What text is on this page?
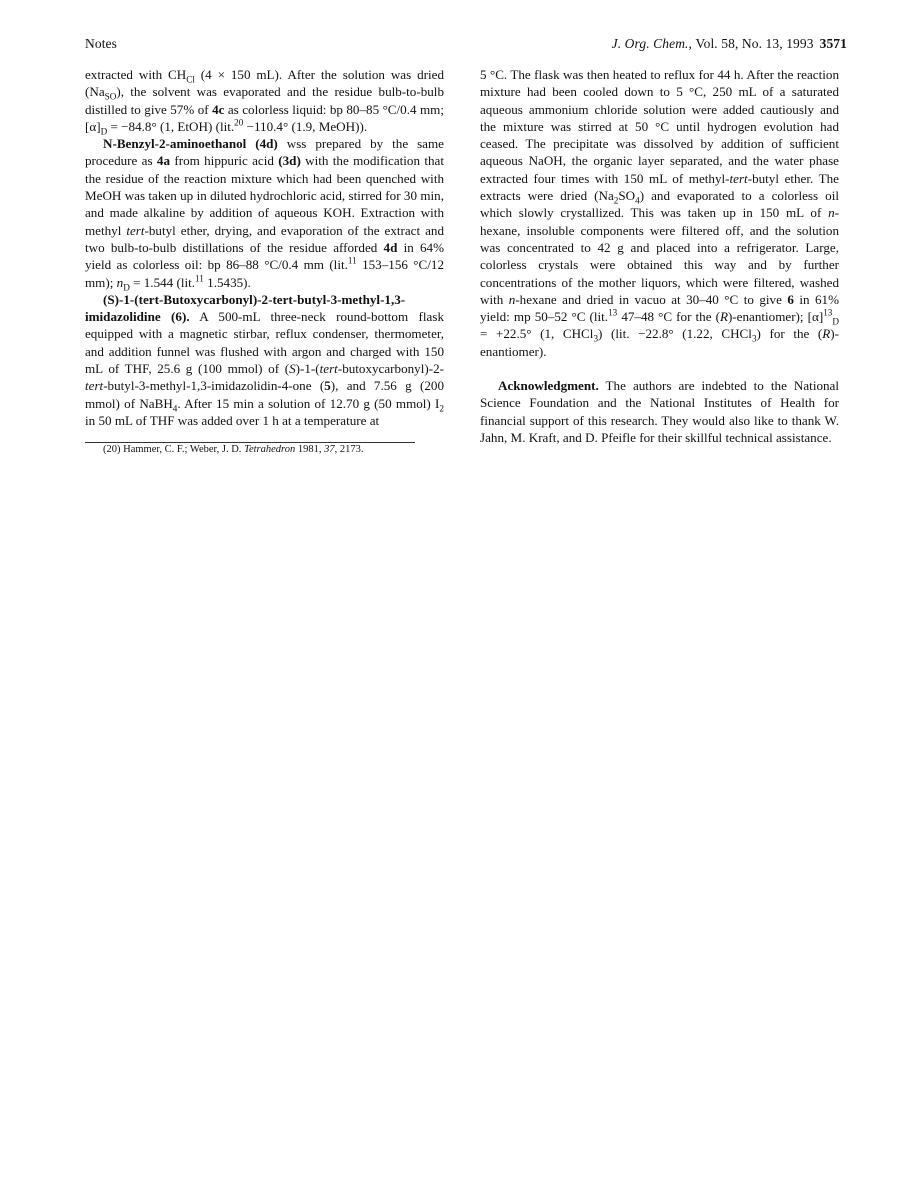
Notes	J. Org. Chem., Vol. 58, No. 13, 1993 3571

extracted with $CH_{Cl}$ (4 × 150 mL). After the solution was dried $(Na_{SO})$, the solvent was evaporated and the residue bulb-to-bulb distilled to give 57% of 4c as colorless liquid: bp 80–85 °C/0.4 mm; $[\alpha]_D = -84.8^\circ$ (1, EtOH) (lit.$^{20}$ −110.4° (1.9, MeOH)).

N-Benzyl-2-aminoethanol (4d) wss prepared by the same procedure as 4a from hippuric acid (3d) with the modification that the residue of the reaction mixture which had been quenched with MeOH was taken up in diluted hydrochloric acid, stirred for 30 min, and made alkaline by addition of aqueous KOH. Extraction with methyl tert-butyl ether, drying, and evaporation of the extract and two bulb-to-bulb distillations of the residue afforded 4d in 64% yield as colorless oil: bp 86–88 °C/0.4 mm (lit.$^{11}$ 153–156 °C/12 mm); $n_D = 1.544$ (lit.$^{11}$ 1.5435).

(S)-1-(tert-Butoxycarbonyl)-2-tert-butyl-3-methyl-1,3-imidazolidine (6). A 500-mL three-neck round-bottom flask equipped with a magnetic stirbar, reflux condenser, thermometer, and addition funnel was flushed with argon and charged with 150 mL of THF, 25.6 g (100 mmol) of (S)-1-(tert-butoxycarbonyl)-2-tert-butyl-3-methyl-1,3-imidazolidin-4-one (5), and 7.56 g (200 mmol) of NaBH$_4$. After 15 min a solution of 12.70 g (50 mmol) $I_2$ in 50 mL of THF was added over 1 h at a temperature at

(20) Hammer, C. F.; Weber, J. D. Tetrahedron 1981, 37, 2173.

5 °C. The flask was then heated to reflux for 44 h. After the reaction mixture had been cooled down to 5 °C, 250 mL of a saturated aqueous ammonium chloride solution were added cautiously and the mixture was stirred at 50 °C until hydrogen evolution had ceased. The precipitate was dissolved by addition of sufficient aqueous NaOH, the organic layer separated, and the water phase extracted four times with 150 mL of methyl-tert-butyl ether. The extracts were dried $(Na_2SO_4)$ and evaporated to a colorless oil which slowly crystallized. This was taken up in 150 mL of n-hexane, insoluble components were filtered off, and the solution was concentrated to 42 g and placed into a refrigerator. Large, colorless crystals were obtained this way and by further concentrations of the mother liquors, which were filtered, washed with n-hexane and dried in vacuo at 30–40 °C to give 6 in 61% yield: mp 50–52 °C (lit.$^{13}$ 47–48 °C for the (R)-enantiomer); $[\alpha]^{13}_D = +22.5^\circ$ (1, CHCl$_3$) (lit. −22.8° (1.22, CHCl$_3$) for the (R)-enantiomer).

Acknowledgment. The authors are indebted to the National Science Foundation and the National Institutes of Health for financial support of this research. They would also like to thank W. Jahn, M. Kraft, and D. Pfeifle for their skillful technical assistance.
